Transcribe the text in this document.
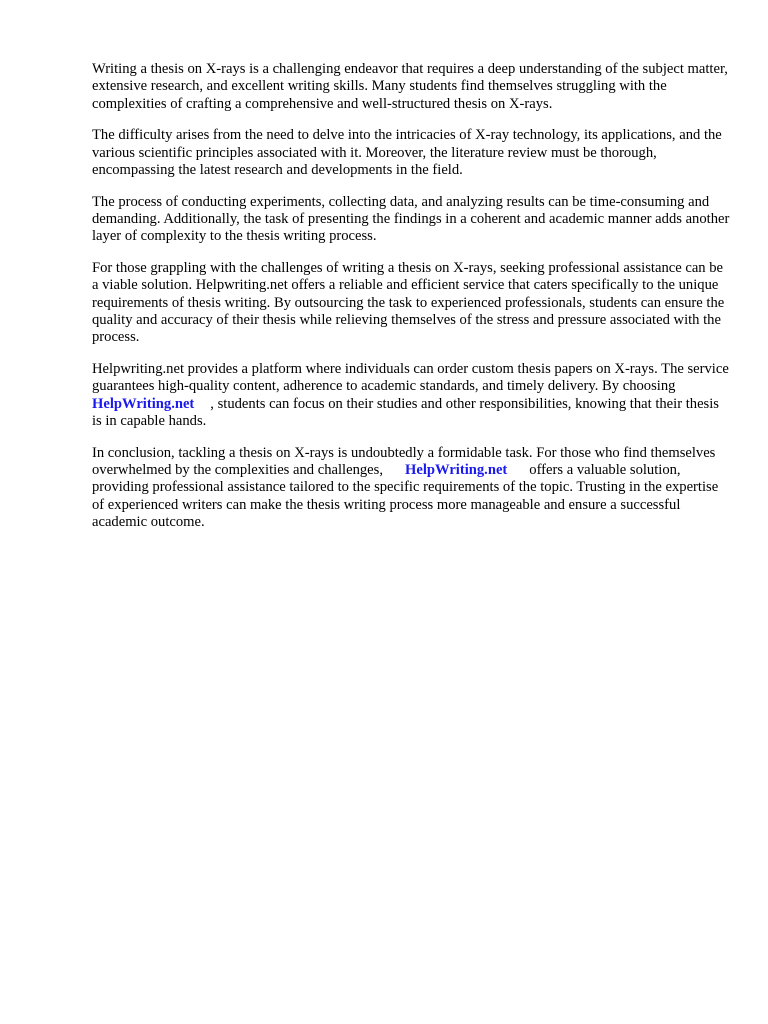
Writing a thesis on X-rays is a challenging endeavor that requires a deep understanding of the subject matter, extensive research, and excellent writing skills. Many students find themselves struggling with the complexities of crafting a comprehensive and well-structured thesis on X-rays.

The difficulty arises from the need to delve into the intricacies of X-ray technology, its applications, and the various scientific principles associated with it. Moreover, the literature review must be thorough, encompassing the latest research and developments in the field.

The process of conducting experiments, collecting data, and analyzing results can be time-consuming and demanding. Additionally, the task of presenting the findings in a coherent and academic manner adds another layer of complexity to the thesis writing process.

For those grappling with the challenges of writing a thesis on X-rays, seeking professional assistance can be a viable solution. Helpwriting.net offers a reliable and efficient service that caters specifically to the unique requirements of thesis writing. By outsourcing the task to experienced professionals, students can ensure the quality and accuracy of their thesis while relieving themselves of the stress and pressure associated with the process.

Helpwriting.net provides a platform where individuals can order custom thesis papers on X-rays. The service guarantees high-quality content, adherence to academic standards, and timely delivery. By choosingHelpWriting.net , students can focus on their studies and other responsibilities, knowing that their thesis is in capable hands.

In conclusion, tackling a thesis on X-rays is undoubtedly a formidable task. For those who find themselves overwhelmed by the complexities and challenges, HelpWriting.net offers a valuable solution, providing professional assistance tailored to the specific requirements of the topic. Trusting in the expertise of experienced writers can make the thesis writing process more manageable and ensure a successful academic outcome.
